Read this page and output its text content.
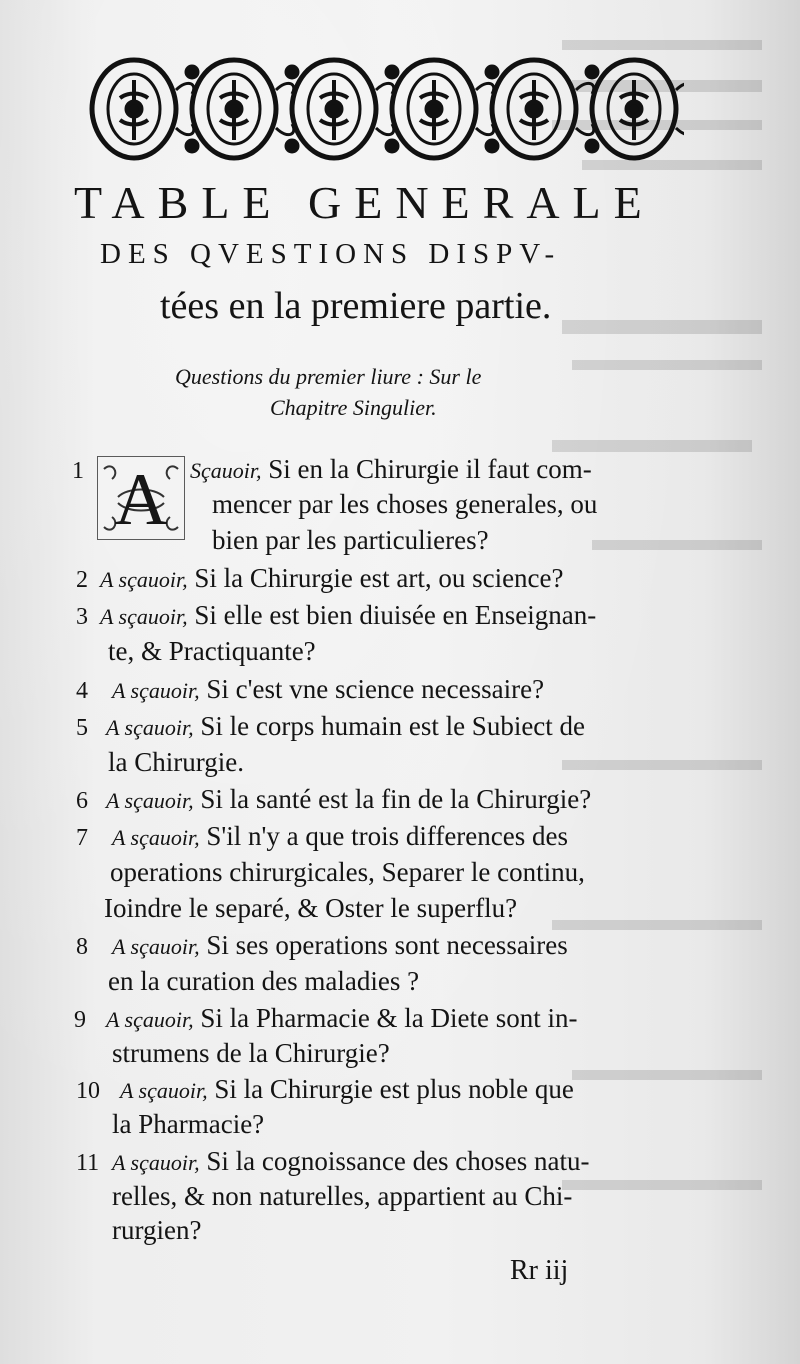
TABLE GENERALE
DES QVESTIONS DISPV-
tées en la premiere partie.
Questions du premier liure : Sur le
Chapitre Singulier.
A
1	Sçauoir, Si en la Chirurgie il faut com-
mencer par les choses generales, ou
bien par les particulieres?
2 A sçauoir, Si la Chirurgie est art, ou science?
3 A sçauoir, Si elle est bien diuisée en Enseignan-
te, & Practiquante?
4 A sçauoir, Si c'est vne science necessaire?
5 A sçauoir, Si le corps humain est le Subiect de
la Chirurgie.
6 A sçauoir, Si la santé est la fin de la Chirurgie?
7 A sçauoir, S'il n'y a que trois differences des
operations chirurgicales, Separer le continu,
Ioindre le separé, & Oster le superflu?
8 A sçauoir, Si ses operations sont necessaires
en la curation des maladies ?
9 A sçauoir, Si la Pharmacie & la Diete sont in-
strumens de la Chirurgie?
10 A sçauoir, Si la Chirurgie est plus noble que
la Pharmacie?
11 A sçauoir, Si la cognoissance des choses natu-
relles, & non naturelles, appartient au Chi-
rurgien?
Rr iij
